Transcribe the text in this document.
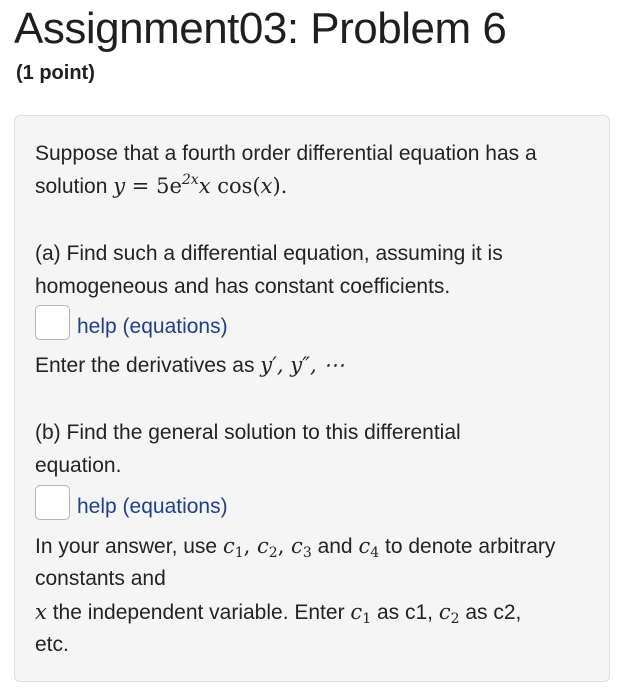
Assignment03: Problem 6
(1 point)
Suppose that a fourth order differential equation has a
solution $y = 5e^{2x}x$ cos(x).
(a) Find such a differential equation, assuming it is
homogeneous and has constant coefficients.
help (equations)
Enter the derivatives as y′, y″, ⋯
(b) Find the general solution to this differential
equation.
help (equations)
In your answer, use $c_1$, $c_2$, $c_3$ and $c_4$ to denote arbitrary
constants and
x the independent variable. Enter $c_1$ as c1, $c_2$ as c2,
etc.
